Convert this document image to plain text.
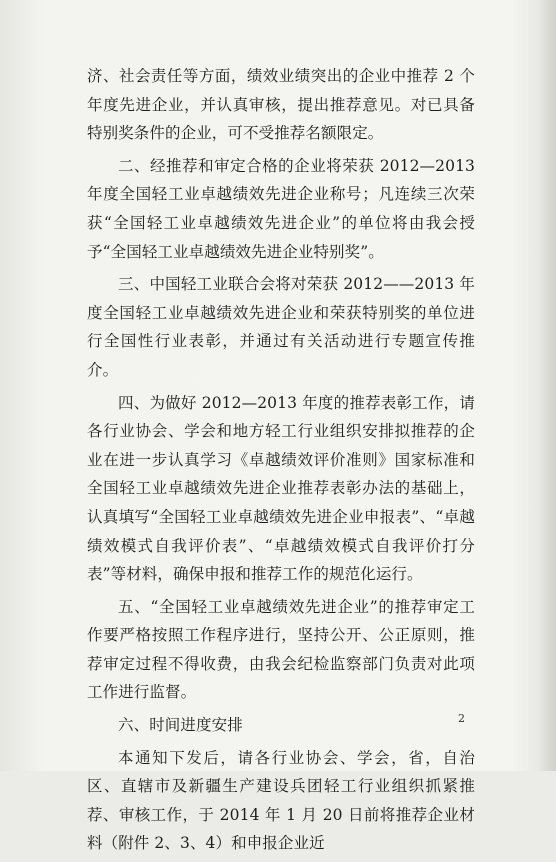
济、社会责任等方面，绩效业绩突出的企业中推荐 2 个年度先进企业，并认真审核，提出推荐意见。对已具备特别奖条件的企业，可不受推荐名额限定。

二、经推荐和审定合格的企业将荣获 2012—2013 年度全国轻工业卓越绩效先进企业称号；凡连续三次荣获“全国轻工业卓越绩效先进企业”的单位将由我会授予“全国轻工业卓越绩效先进企业特别奖”。

三、中国轻工业联合会将对荣获 2012——2013 年度全国轻工业卓越绩效先进企业和荣获特别奖的单位进行全国性行业表彰，并通过有关活动进行专题宣传推介。

四、为做好 2012—2013 年度的推荐表彰工作，请各行业协会、学会和地方轻工行业组织安排拟推荐的企业在进一步认真学习《卓越绩效评价准则》国家标准和全国轻工业卓越绩效先进企业推荐表彰办法的基础上，认真填写“全国轻工业卓越绩效先进企业申报表”、“卓越绩效模式自我评价表”、“卓越绩效模式自我评价打分表”等材料，确保申报和推荐工作的规范化运行。

五、“全国轻工业卓越绩效先进企业”的推荐审定工作要严格按照工作程序进行，坚持公开、公正原则，推荐审定过程不得收费，由我会纪检监察部门负责对此项工作进行监督。

六、时间进度安排

本通知下发后，请各行业协会、学会，省，自治区、直辖市及新疆生产建设兵团轻工行业组织抓紧推荐、审核工作，于 2014 年 1 月 20 日前将推荐企业材料（附件 2、3、4）和申报企业近

2
